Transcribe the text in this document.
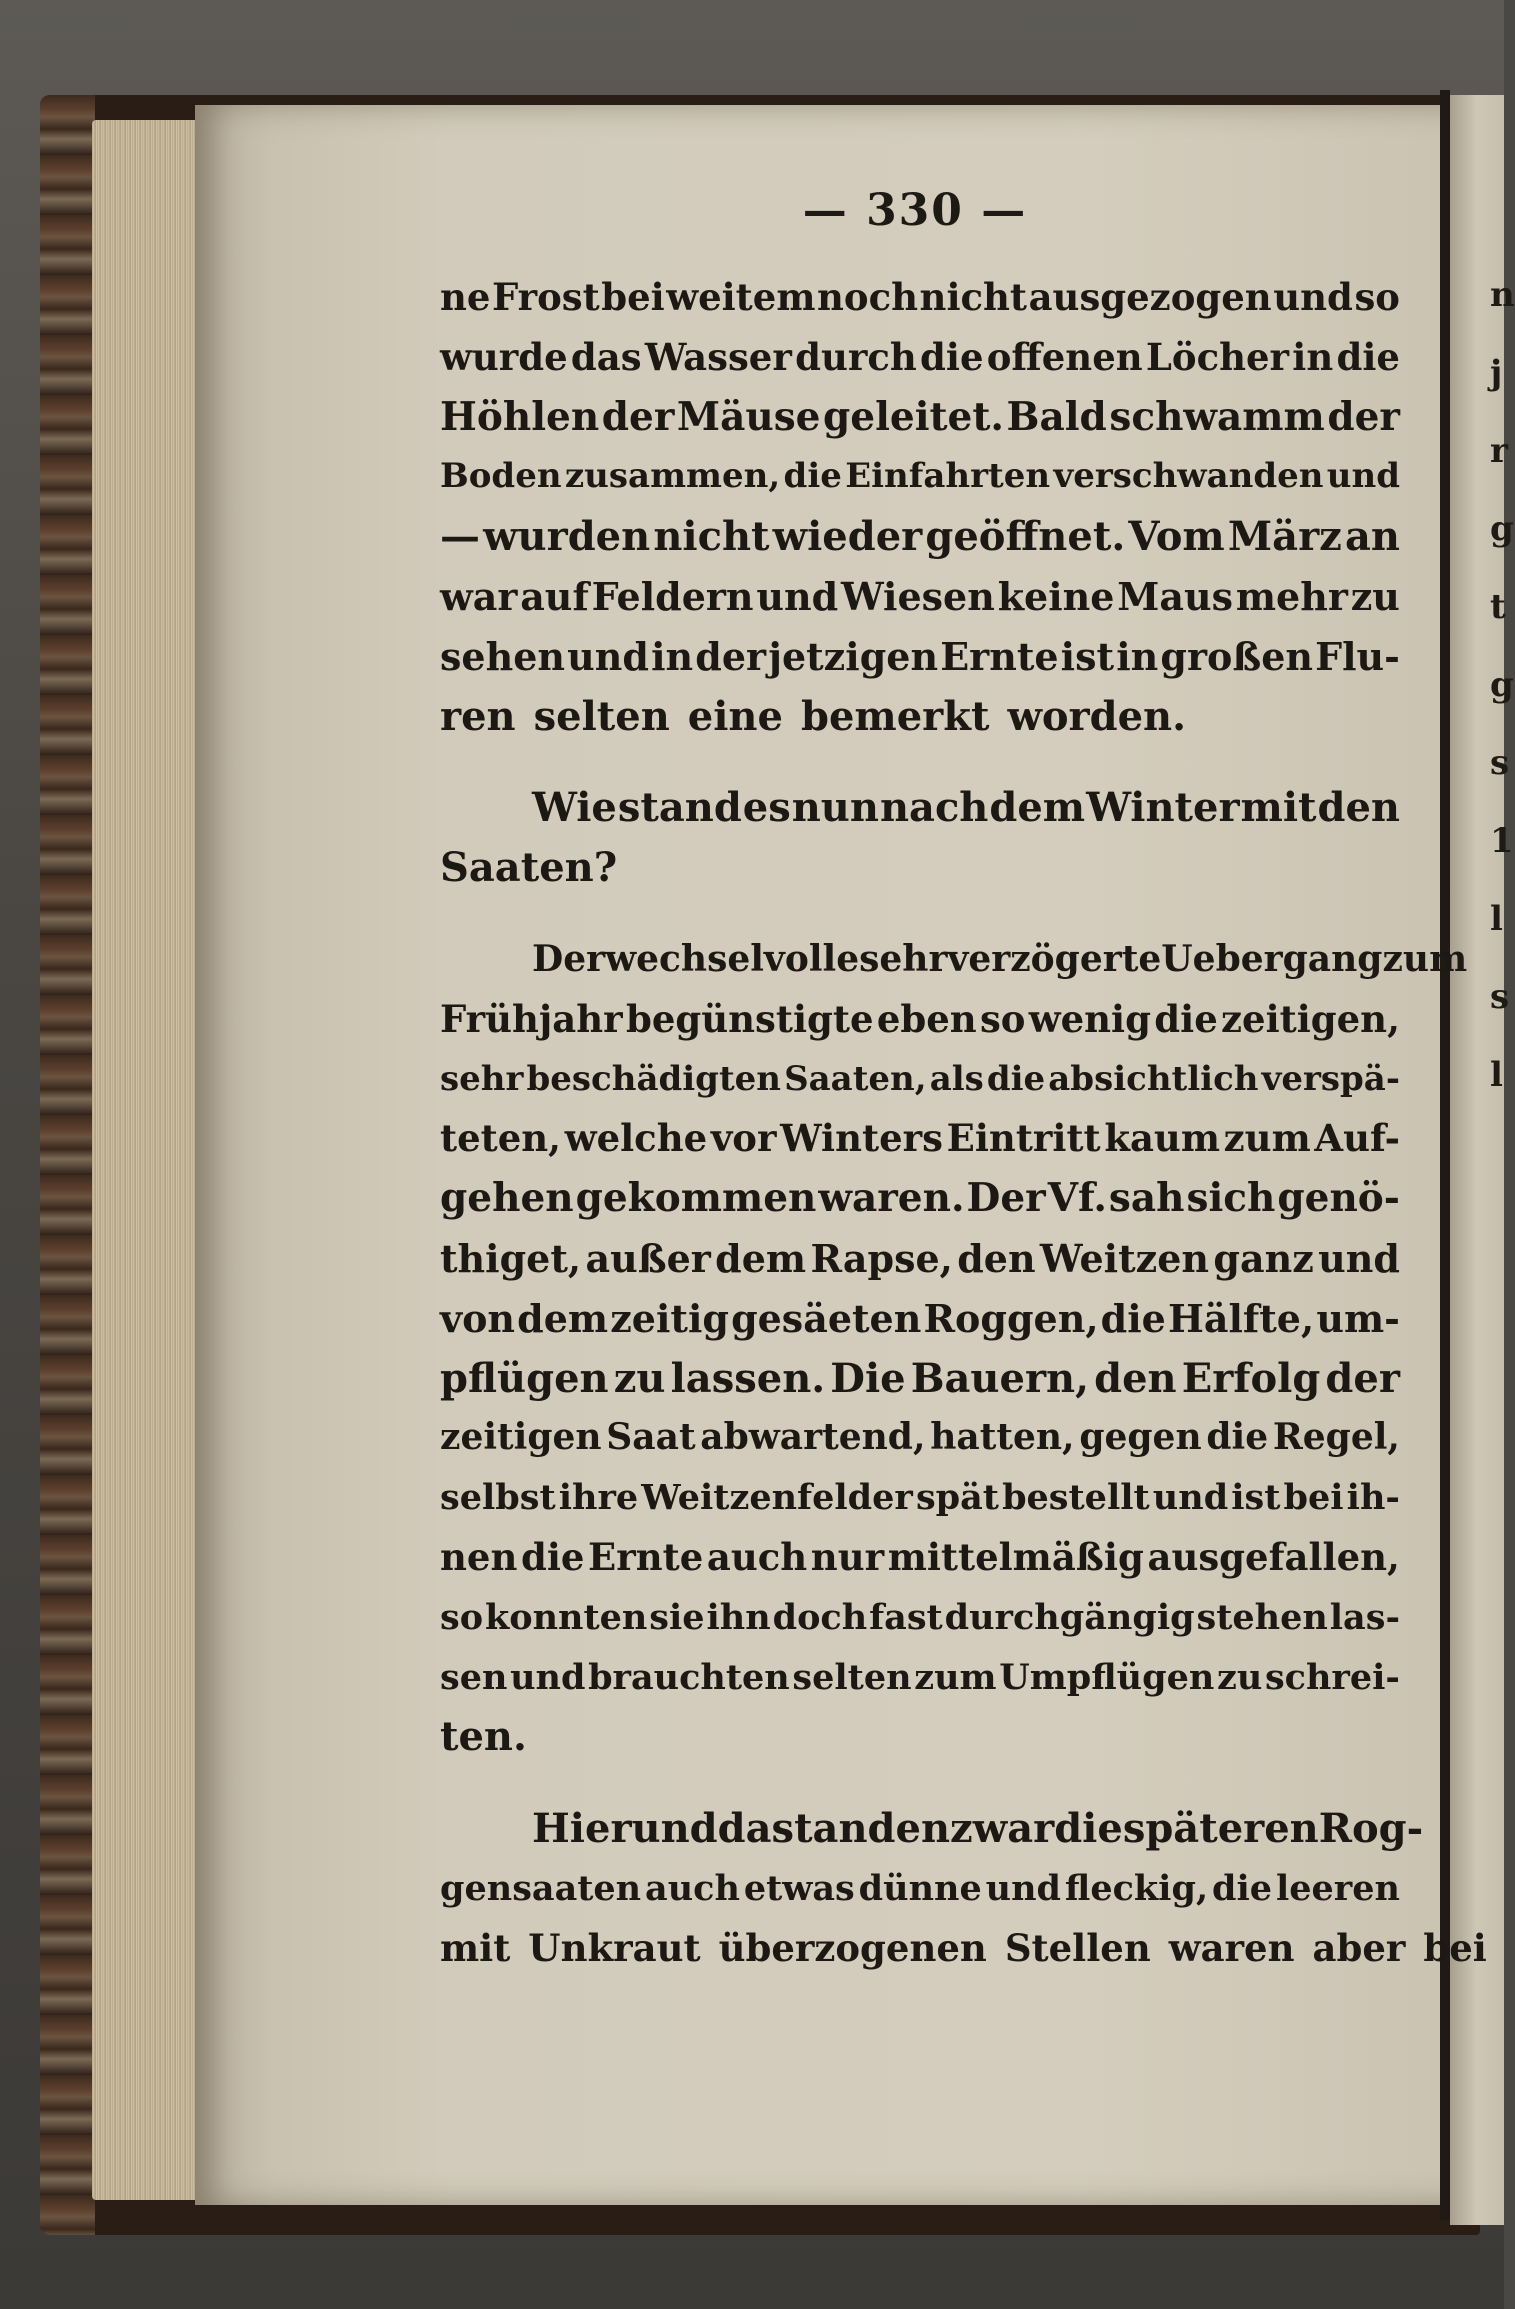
n
j
r
g
t
g
s
1
l
s
l
— 330 —
ne Frost bei weitem noch nicht ausgezogen und so
wurde das Wasser durch die offenen Löcher in die
Höhlen der Mäuse geleitet. Bald schwamm der
Boden zusammen, die Einfahrten verschwanden und
— wurden nicht wieder geöffnet. Vom März an
war auf Feldern und Wiesen keine Maus mehr zu
sehen und in der jetzigen Ernte ist in großen Flu-
ren selten eine bemerkt worden.
Wie stand es nun nach dem Winter mit den
Saaten?
Der wechselvolle sehr verzögerte Uebergang zum
Frühjahr begünstigte eben so wenig die zeitigen,
sehr beschädigten Saaten, als die absichtlich verspä-
teten, welche vor Winters Eintritt kaum zum Auf-
gehen gekommen waren. Der Vf. sah sich genö-
thiget, außer dem Rapse, den Weitzen ganz und
von dem zeitig gesäeten Roggen, die Hälfte, um-
pflügen zu lassen. Die Bauern, den Erfolg der
zeitigen Saat abwartend, hatten, gegen die Regel,
selbst ihre Weitzenfelder spät bestellt und ist bei ih-
nen die Ernte auch nur mittelmäßig ausgefallen,
so konnten sie ihn doch fast durchgängig stehen las-
sen und brauchten selten zum Umpflügen zu schrei-
ten.
Hier und da standen zwar die späteren Rog-
gensaaten auch etwas dünne und fleckig, die leeren
mit Unkraut überzogenen Stellen waren aber bei
